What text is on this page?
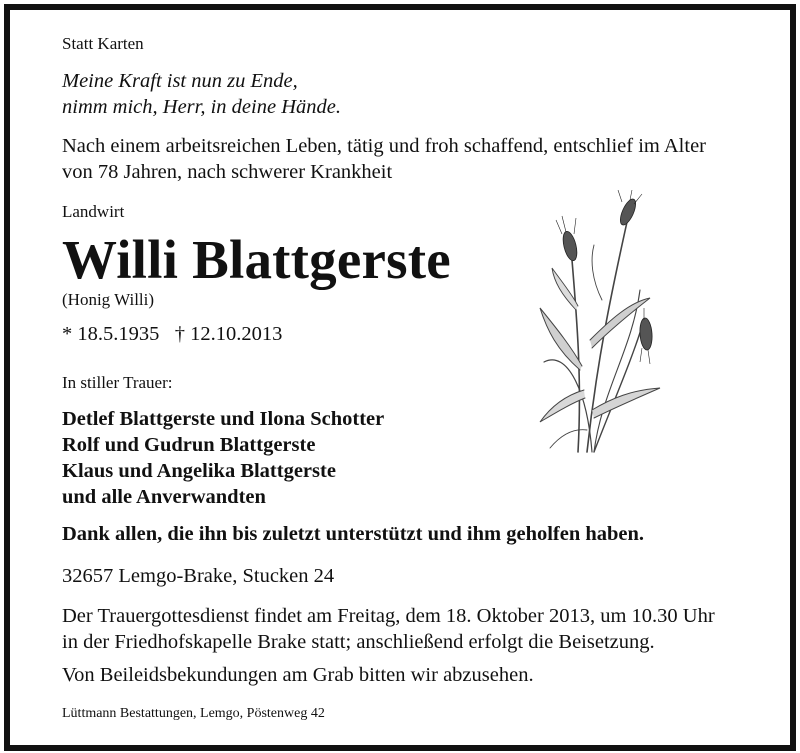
Statt Karten
Meine Kraft ist nun zu Ende,
nimm mich, Herr, in deine Hände.
Nach einem arbeitsreichen Leben, tätig und froh schaffend, entschlief im Alter
von 78 Jahren, nach schwerer Krankheit
Landwirt
Willi Blattgerste
(Honig Willi)
* 18.5.1935   † 12.10.2013
In stiller Trauer:
Detlef Blattgerste und Ilona Schotter
Rolf und Gudrun Blattgerste
Klaus und Angelika Blattgerste
und alle Anverwandten
Dank allen, die ihn bis zuletzt unterstützt und ihm geholfen haben.
32657 Lemgo-Brake, Stucken 24
Der Trauergottesdienst findet am Freitag, dem 18. Oktober 2013, um 10.30 Uhr
in der Friedhofskapelle Brake statt; anschließend erfolgt die Beisetzung.
Von Beileidsbekundungen am Grab bitten wir abzusehen.
Lüttmann Bestattungen, Lemgo, Pöstenweg 42
